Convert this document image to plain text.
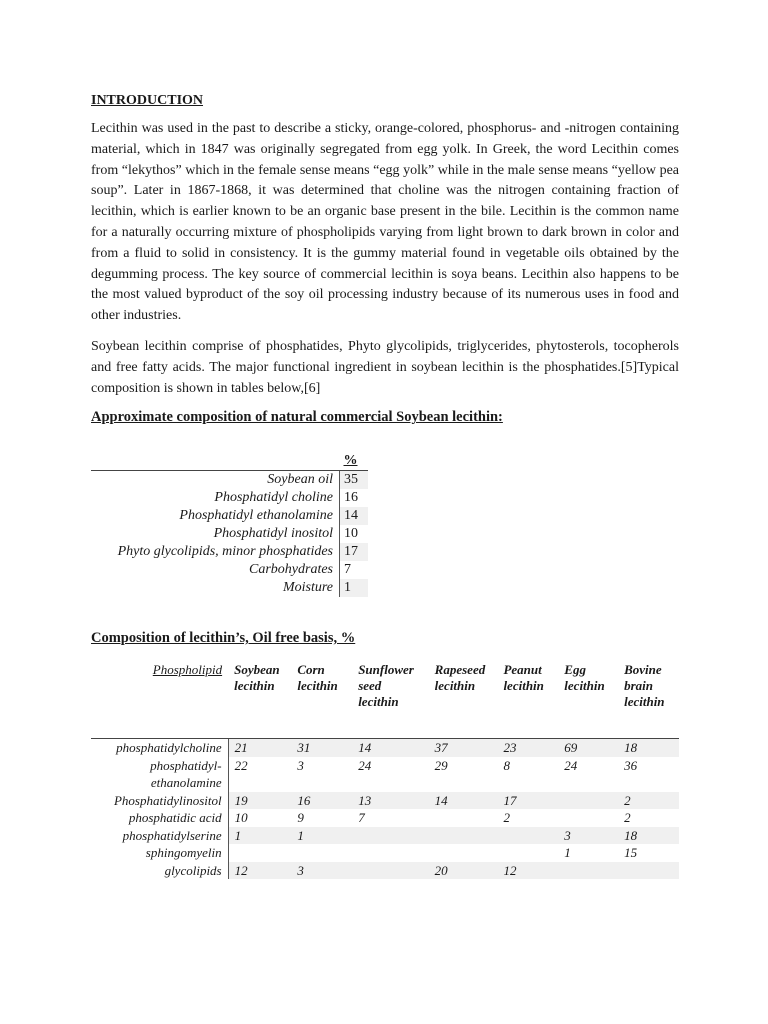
INTRODUCTION

Lecithin was used in the past to describe a sticky, orange-colored, phosphorus- and -nitrogen containing material, which in 1847 was originally segregated from egg yolk. In Greek, the word Lecithin comes from “lekythos” which in the female sense means “egg yolk” while in the male sense means “yellow pea soup”. Later in 1867-1868, it was determined that choline was the nitrogen containing fraction of lecithin, which is earlier known to be an organic base present in the bile. Lecithin is the common name for a naturally occurring mixture of phospholipids varying from light brown to dark brown in color and from a fluid to solid in consistency. It is the gummy material found in vegetable oils obtained by the degumming process. The key source of commercial lecithin is soya beans. Lecithin also happens to be the most valued byproduct of the soy oil processing industry because of its numerous uses in food and other industries.

Soybean lecithin comprise of phosphatides, Phyto glycolipids, triglycerides, phytosterols, tocopherols and free fatty acids. The major functional ingredient in soybean lecithin is the phosphatides.[5]Typical composition is shown in tables below,[6]

Approximate composition of natural commercial Soybean lecithin:

	%
Soybean oil	35
Phosphatidyl choline	16
Phosphatidyl ethanolamine	14
Phosphatidyl inositol	10
Phyto glycolipids, minor phosphatides	17
Carbohydrates	7
Moisture	1

Composition of lecithin’s, Oil free basis, %

Phospholipid	Soybean lecithin	Corn lecithin	Sunflower seed lecithin	Rapeseed lecithin	Peanut lecithin	Egg lecithin	Bovine brain lecithin
phosphatidylcholine	21	31	14	37	23	69	18
phosphatidyl-ethanolamine	22	3	24	29	8	24	36
Phosphatidylinositol	19	16	13	14	17		2
phosphatidic acid	10	9	7		2		2
phosphatidylserine	1	1				3	18
sphingomyelin						1	15
glycolipids	12	3		20	12		
